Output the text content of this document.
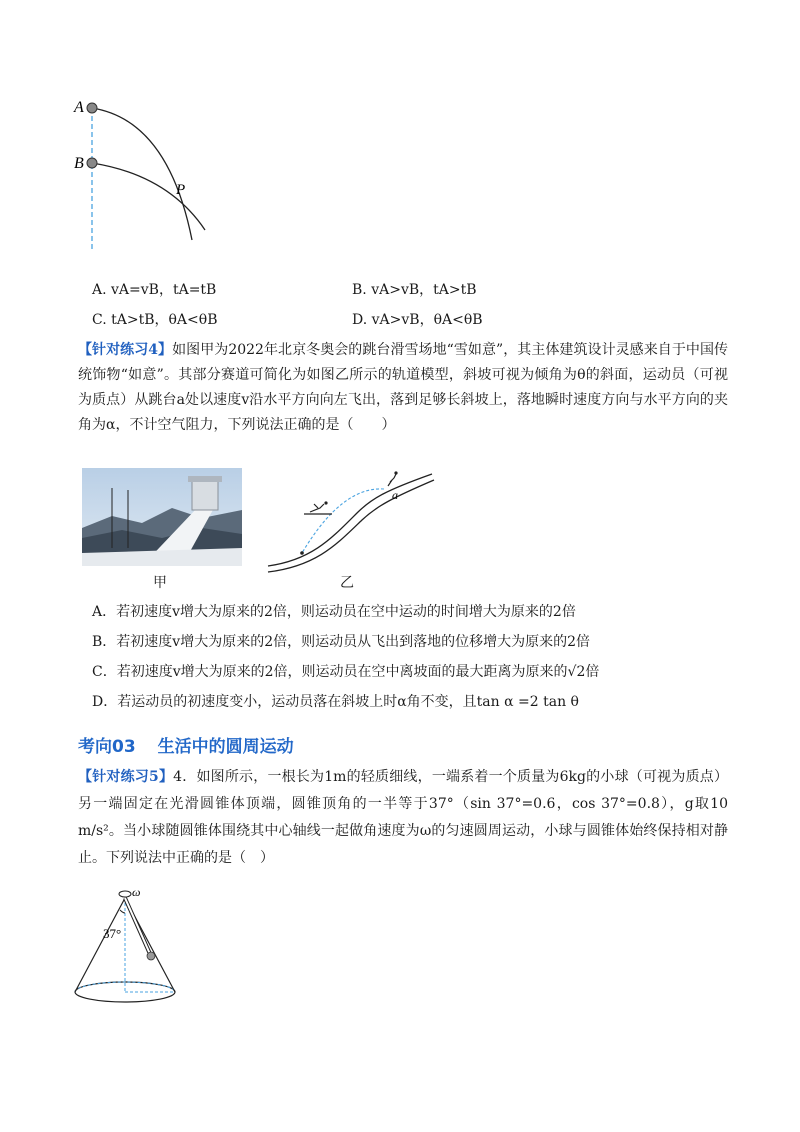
A
B
P
A. vA=vB，tA=tB	B. vA>vB，tA>tB
C. tA>tB，θA<θB	D. vA>vB，θA<θB
【针对练习4】如图甲为2022年北京冬奥会的跳台滑雪场地“雪如意”，其主体建筑设计灵感来自于中国传统饰物“如意”。其部分赛道可简化为如图乙所示的轨道模型，斜坡可视为倾角为θ的斜面，运动员（可视为质点）从跳台a处以速度v沿水平方向向左飞出，落到足够长斜坡上，落地瞬时速度方向与水平方向的夹角为α，不计空气阻力，下列说法正确的是（　　）
甲
a
乙
A．若初速度v增大为原来的2倍，则运动员在空中运动的时间增大为原来的2倍
B．若初速度v增大为原来的2倍，则运动员从飞出到落地的位移增大为原来的2倍
C．若初速度v增大为原来的2倍，则运动员在空中离坡面的最大距离为原来的√2倍
D．若运动员的初速度变小，运动员落在斜坡上时α角不变，且tan α =2 tan θ
考向03 生活中的圆周运动
【针对练习5】4．如图所示，一根长为1m的轻质细线，一端系着一个质量为6kg的小球（可视为质点）另一端固定在光滑圆锥体顶端，圆锥顶角的一半等于37°（sin 37°=0.6，cos 37°=0.8），g取10 m/s²。当小球随圆锥体围绕其中心轴线一起做角速度为ω的匀速圆周运动，小球与圆锥体始终保持相对静止。下列说法中正确的是（　）
ω
37°
